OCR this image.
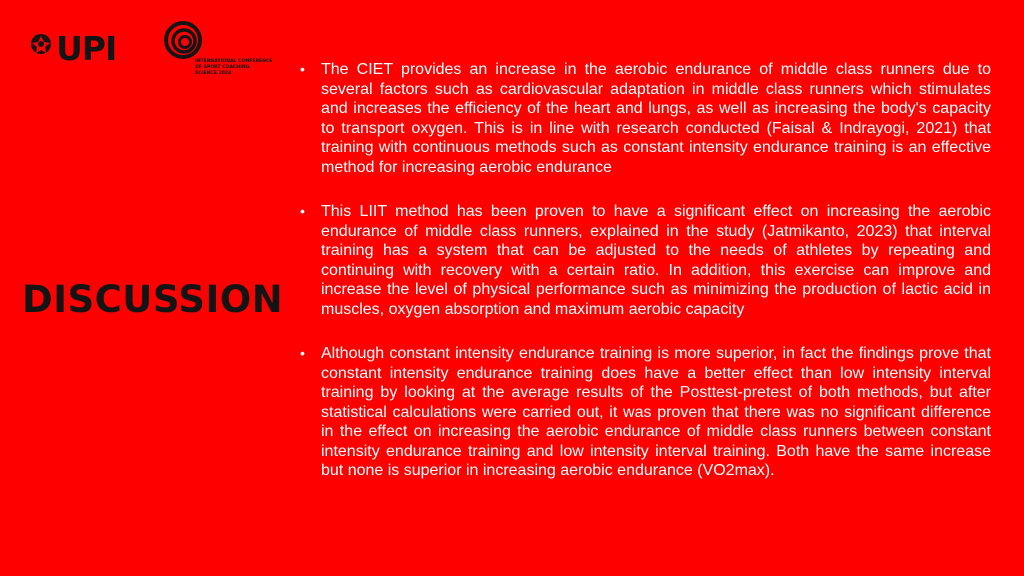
UPI	INTERNATIONAL CONFERENCE
OF SPORT COACHING
SCIENCE 2024
DISCUSSION
• The CIET provides an increase in the aerobic endurance of middle class runners due to several factors such as cardiovascular adaptation in middle class runners which stimulates and increases the efficiency of the heart and lungs, as well as increasing the body's capacity to transport oxygen. This is in line with research conducted (Faisal & Indrayogi, 2021) that training with continuous methods such as constant intensity endurance training is an effective method for increasing aerobic endurance
• This LIIT method has been proven to have a significant effect on increasing the aerobic endurance of middle class runners, explained in the study (Jatmikanto, 2023) that interval training has a system that can be adjusted to the needs of athletes by repeating and continuing with recovery with a certain ratio. In addition, this exercise can improve and increase the level of physical performance such as minimizing the production of lactic acid in muscles, oxygen absorption and maximum aerobic capacity
• Although constant intensity endurance training is more superior, in fact the findings prove that constant intensity endurance training does have a better effect than low intensity interval training by looking at the average results of the Posttest-pretest of both methods, but after statistical calculations were carried out, it was proven that there was no significant difference in the effect on increasing the aerobic endurance of middle class runners between constant intensity endurance training and low intensity interval training. Both have the same increase but none is superior in increasing aerobic endurance (VO2max).
